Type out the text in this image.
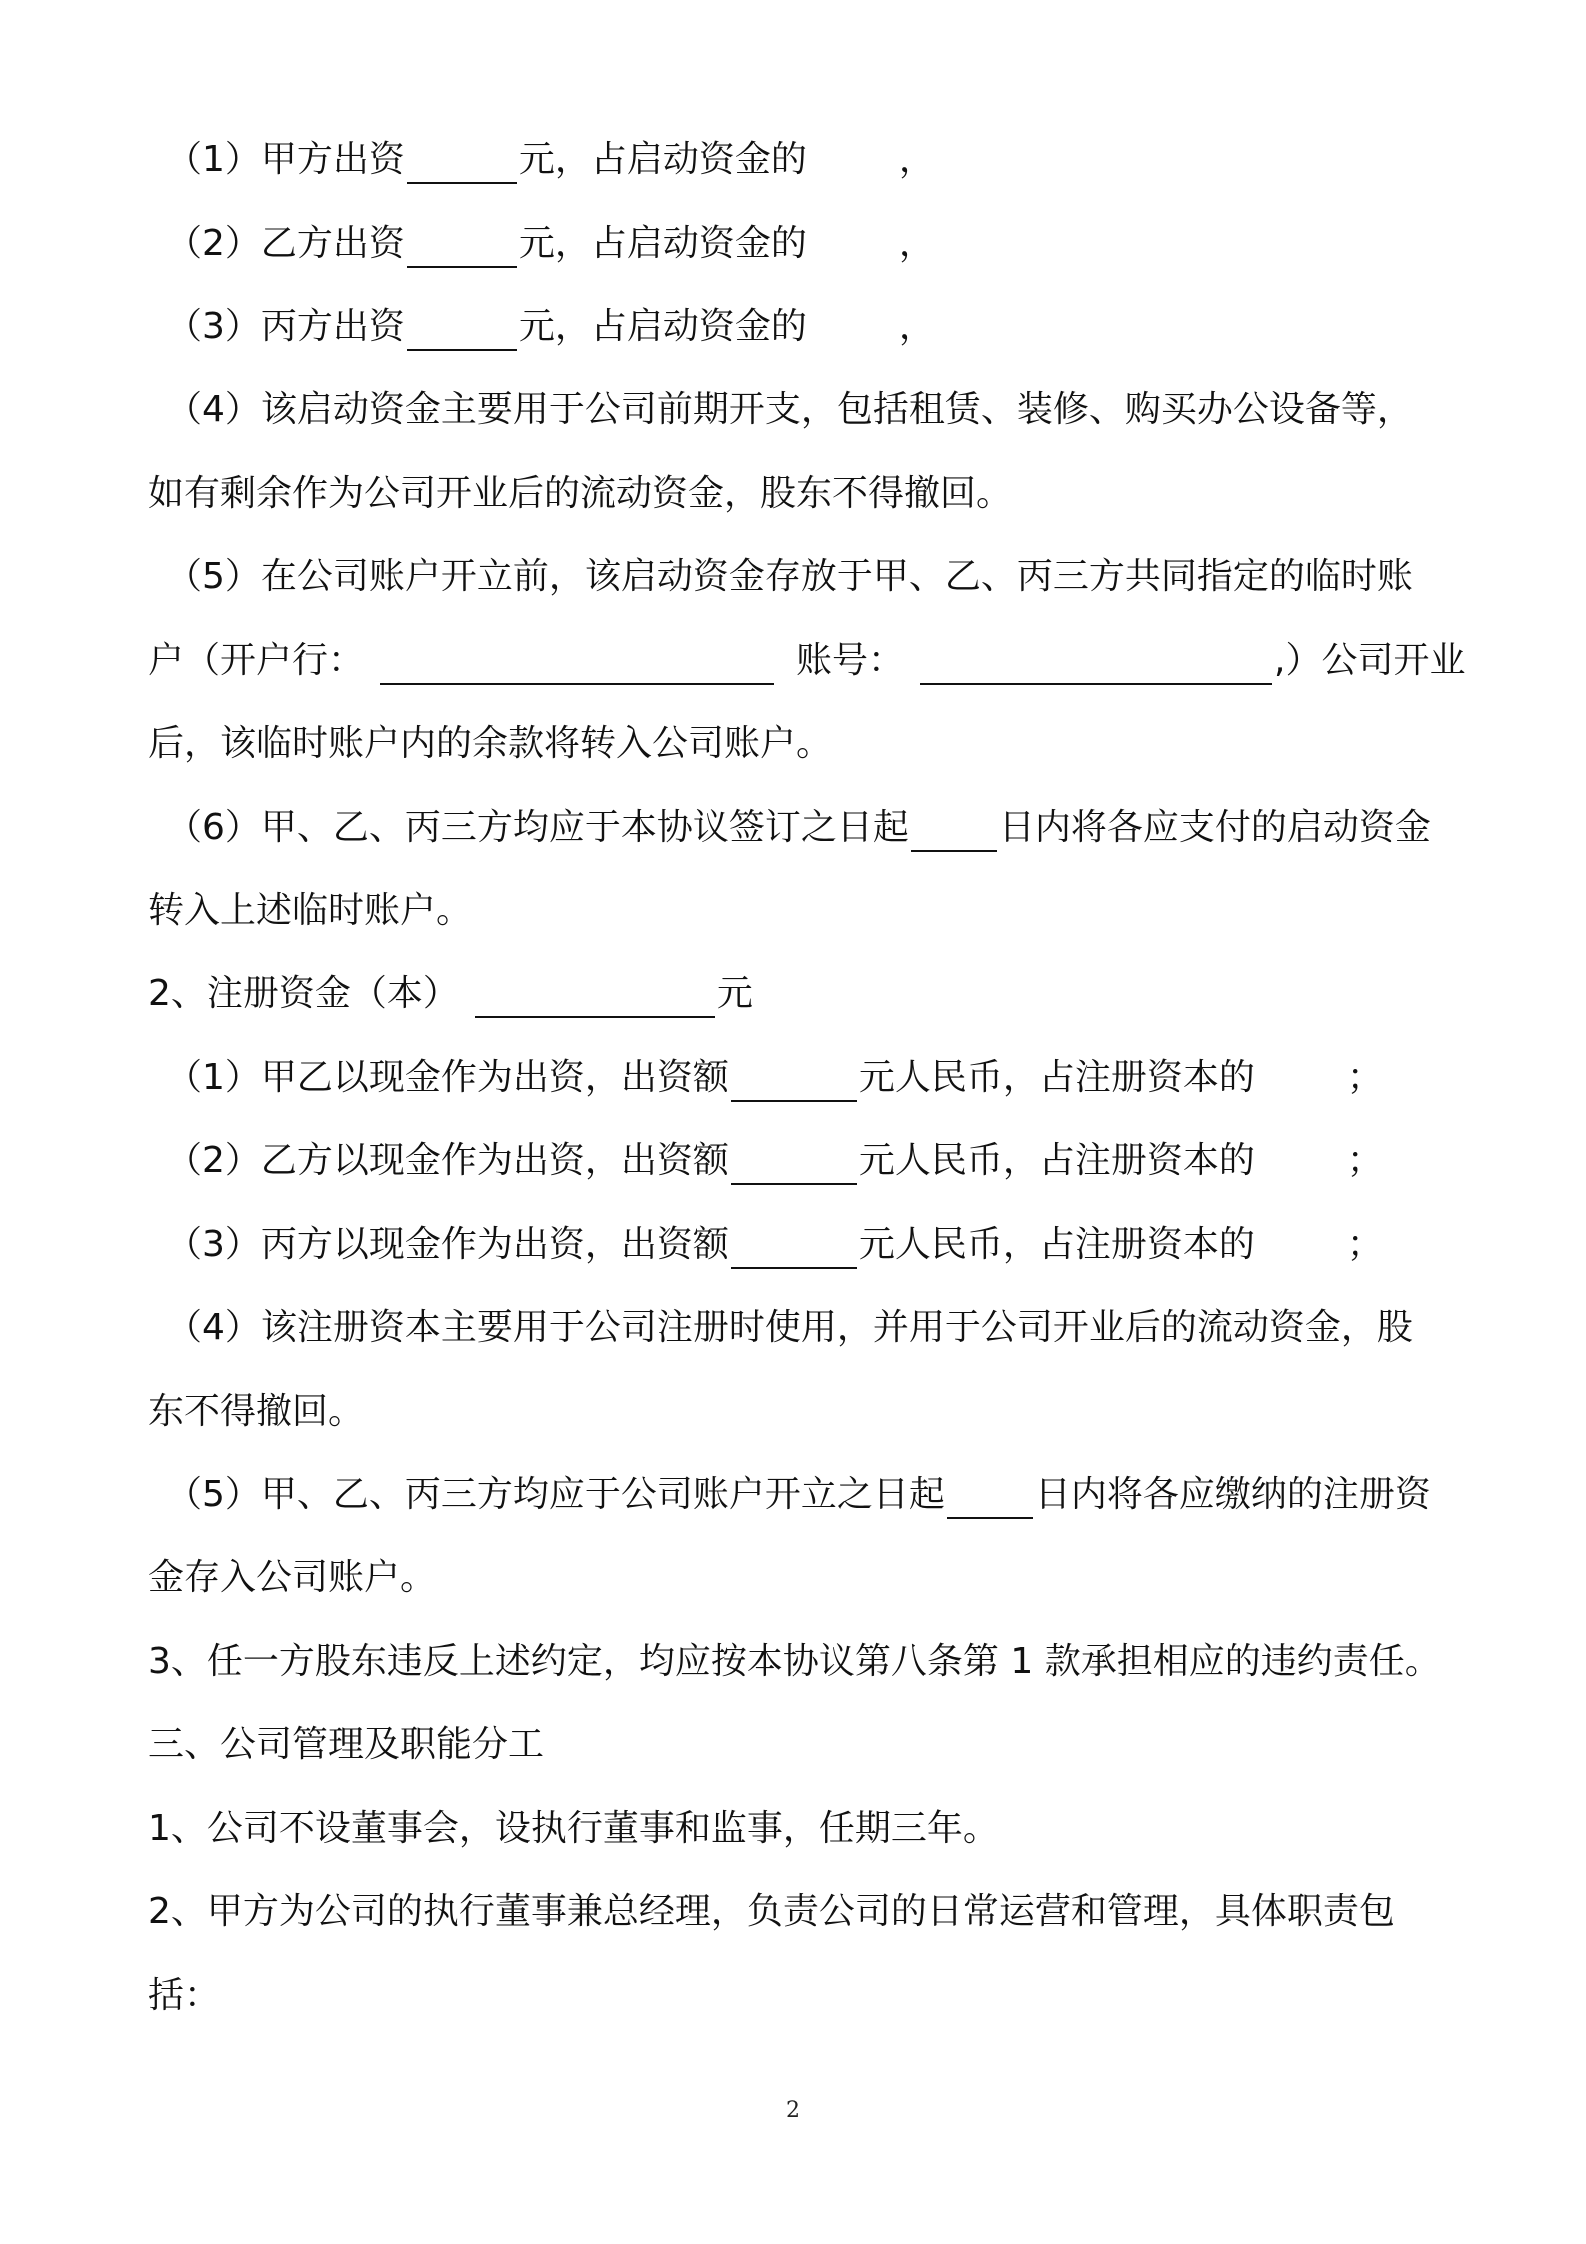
（1）甲方出资	元，占启动资金的	，
（2）乙方出资	元，占启动资金的	，
（3）丙方出资	元，占启动资金的	，
（4）该启动资金主要用于公司前期开支，包括租赁、装修、购买办公设备等，
如有剩余作为公司开业后的流动资金，股东不得撤回。
（5）在公司账户开立前，该启动资金存放于甲、乙、丙三方共同指定的临时账
户（开户行：	账号：	,）公司开业
后，该临时账户内的余款将转入公司账户。
（6）甲、乙、丙三方均应于本协议签订之日起	日内将各应支付的启动资金
转入上述临时账户。
2、注册资金（本）	元
（1）甲乙以现金作为出资，出资额	元人民币，占注册资本的	；
（2）乙方以现金作为出资，出资额	元人民币，占注册资本的	；
（3）丙方以现金作为出资，出资额	元人民币，占注册资本的	；
（4）该注册资本主要用于公司注册时使用，并用于公司开业后的流动资金，股
东不得撤回。
（5）甲、乙、丙三方均应于公司账户开立之日起	日内将各应缴纳的注册资
金存入公司账户。
3、任一方股东违反上述约定，均应按本协议第八条第 1 款承担相应的违约责任。
三、公司管理及职能分工
1、公司不设董事会，设执行董事和监事，任期三年。
2、甲方为公司的执行董事兼总经理，负责公司的日常运营和管理，具体职责包
括：
2
